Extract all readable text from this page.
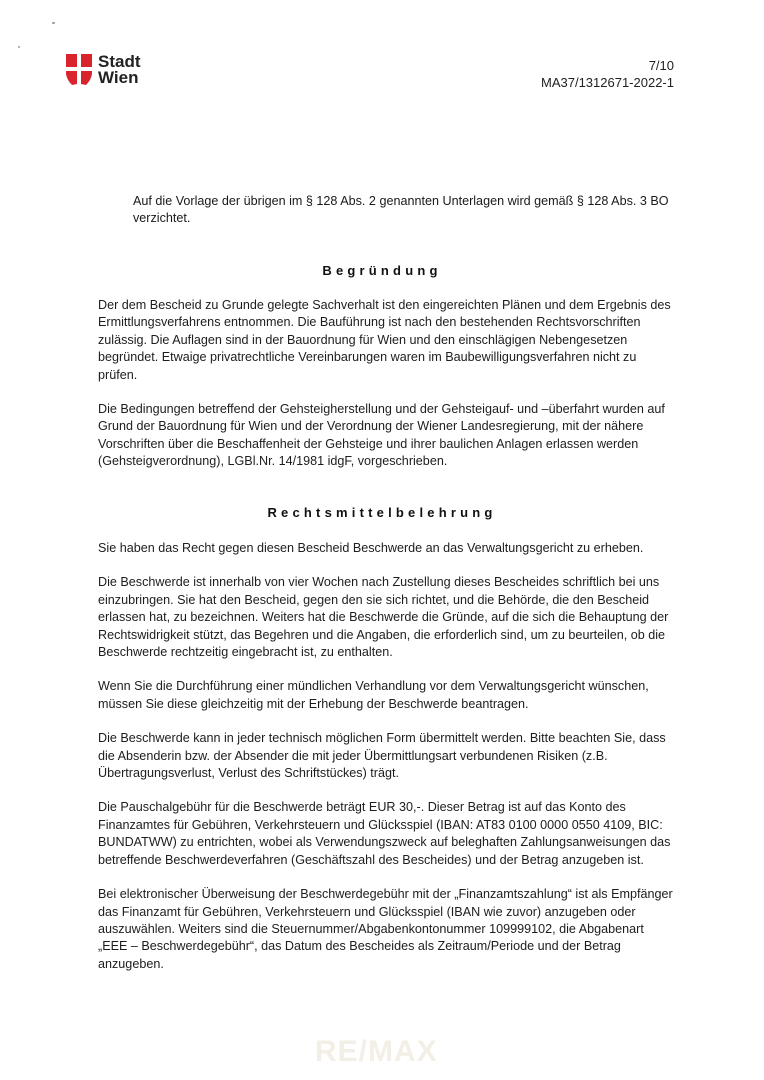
Stadt
Wien
7/10
MA37/1312671-2022-1

Auf die Vorlage der übrigen im § 128 Abs. 2 genannten Unterlagen wird gemäß § 128 Abs. 3 BO verzichtet.

Begründung

Der dem Bescheid zu Grunde gelegte Sachverhalt ist den eingereichten Plänen und dem Ergebnis des Ermittlungsverfahrens entnommen. Die Bauführung ist nach den bestehenden Rechtsvorschriften zulässig. Die Auflagen sind in der Bauordnung für Wien und den einschlägigen Nebengesetzen begründet. Etwaige privatrechtliche Vereinbarungen waren im Baubewilligungsverfahren nicht zu prüfen.

Die Bedingungen betreffend der Gehsteigherstellung und der Gehsteigauf- und –überfahrt wurden auf Grund der Bauordnung für Wien und der Verordnung der Wiener Landesregierung, mit der nähere Vorschriften über die Beschaffenheit der Gehsteige und ihrer baulichen Anlagen erlassen werden (Gehsteigverordnung), LGBl.Nr. 14/1981 idgF, vorgeschrieben.

Rechtsmittelbelehrung

Sie haben das Recht gegen diesen Bescheid Beschwerde an das Verwaltungsgericht zu erheben.

Die Beschwerde ist innerhalb von vier Wochen nach Zustellung dieses Bescheides schriftlich bei uns einzubringen. Sie hat den Bescheid, gegen den sie sich richtet, und die Behörde, die den Bescheid erlassen hat, zu bezeichnen. Weiters hat die Beschwerde die Gründe, auf die sich die Behauptung der Rechtswidrigkeit stützt, das Begehren und die Angaben, die erforderlich sind, um zu beurteilen, ob die Beschwerde rechtzeitig eingebracht ist, zu enthalten.

Wenn Sie die Durchführung einer mündlichen Verhandlung vor dem Verwaltungsgericht wünschen, müssen Sie diese gleichzeitig mit der Erhebung der Beschwerde beantragen.

Die Beschwerde kann in jeder technisch möglichen Form übermittelt werden. Bitte beachten Sie, dass die Absenderin bzw. der Absender die mit jeder Übermittlungsart verbundenen Risiken (z.B. Übertragungsverlust, Verlust des Schriftstückes) trägt.

Die Pauschalgebühr für die Beschwerde beträgt EUR 30,-. Dieser Betrag ist auf das Konto des Finanzamtes für Gebühren, Verkehrsteuern und Glücksspiel (IBAN: AT83 0100 0000 0550 4109, BIC: BUNDATWW) zu entrichten, wobei als Verwendungszweck auf beleghaften Zahlungsanweisungen das betreffende Beschwerdeverfahren (Geschäftszahl des Bescheides) und der Betrag anzugeben ist.

Bei elektronischer Überweisung der Beschwerdegebühr mit der „Finanzamtszahlung“ ist als Empfänger das Finanzamt für Gebühren, Verkehrsteuern und Glücksspiel (IBAN wie zuvor) anzugeben oder auszuwählen. Weiters sind die Steuernummer/Abgabenkontonummer 109999102, die Abgabenart „EEE – Beschwerdegebühr“, das Datum des Bescheides als Zeitraum/Periode und der Betrag anzugeben.

RE/MAX
